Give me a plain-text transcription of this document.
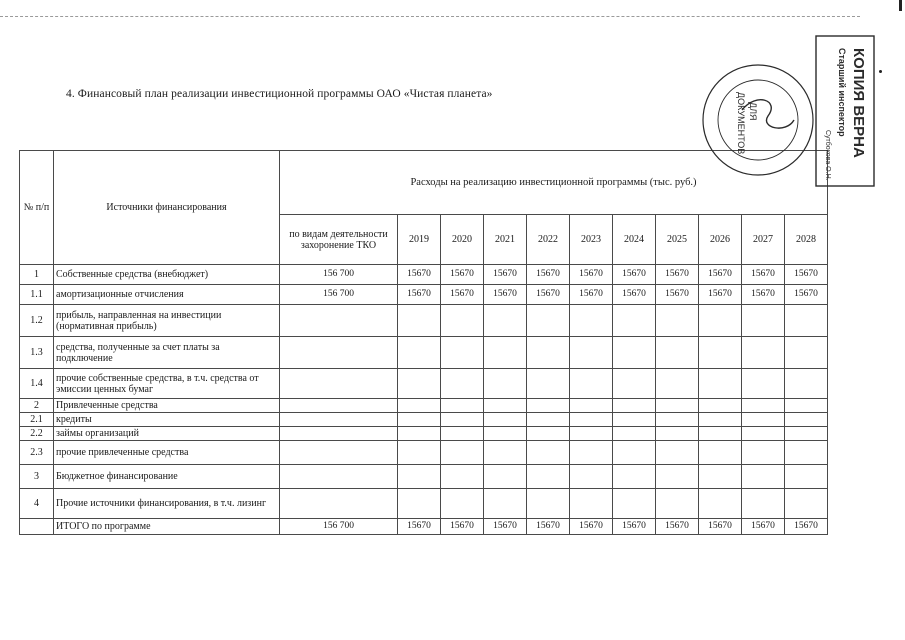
4. Финансовый план реализации инвестиционной программы ОАО «Чистая планета»
№ п/п	Источники финансирования	Расходы на реализацию инвестиционной программы (тыс. руб.)										
		по видам деятельности захоронение ТКО	2019	2020	2021	2022	2023	2024	2025	2026	2027	2028
1	Собственные средства (внебюджет)	156 700	15670	15670	15670	15670	15670	15670	15670	15670	15670	15670
1.1	амортизационные отчисления	156 700	15670	15670	15670	15670	15670	15670	15670	15670	15670	15670
1.2	прибыль, направленная на инвестиции (нормативная прибыль)											
1.3	средства, полученные за счет платы за подключение											
1.4	прочие собственные средства, в т.ч. средства от эмиссии ценных бумаг											
2	Привлеченные средства											
2.1	кредиты											
2.2	займы организаций											
2.3	прочие привлеченные средства											
3	Бюджетное финансирование											
4	Прочие источники финансирования, в т.ч. лизинг											
	ИТОГО по программе	156 700	15670	15670	15670	15670	15670	15670	15670	15670	15670	15670
ДЛЯ
ДОКУМЕНТОВ	КОПИЯ ВЕРНА
Старший инспектор
Сутбокова О.Н.
